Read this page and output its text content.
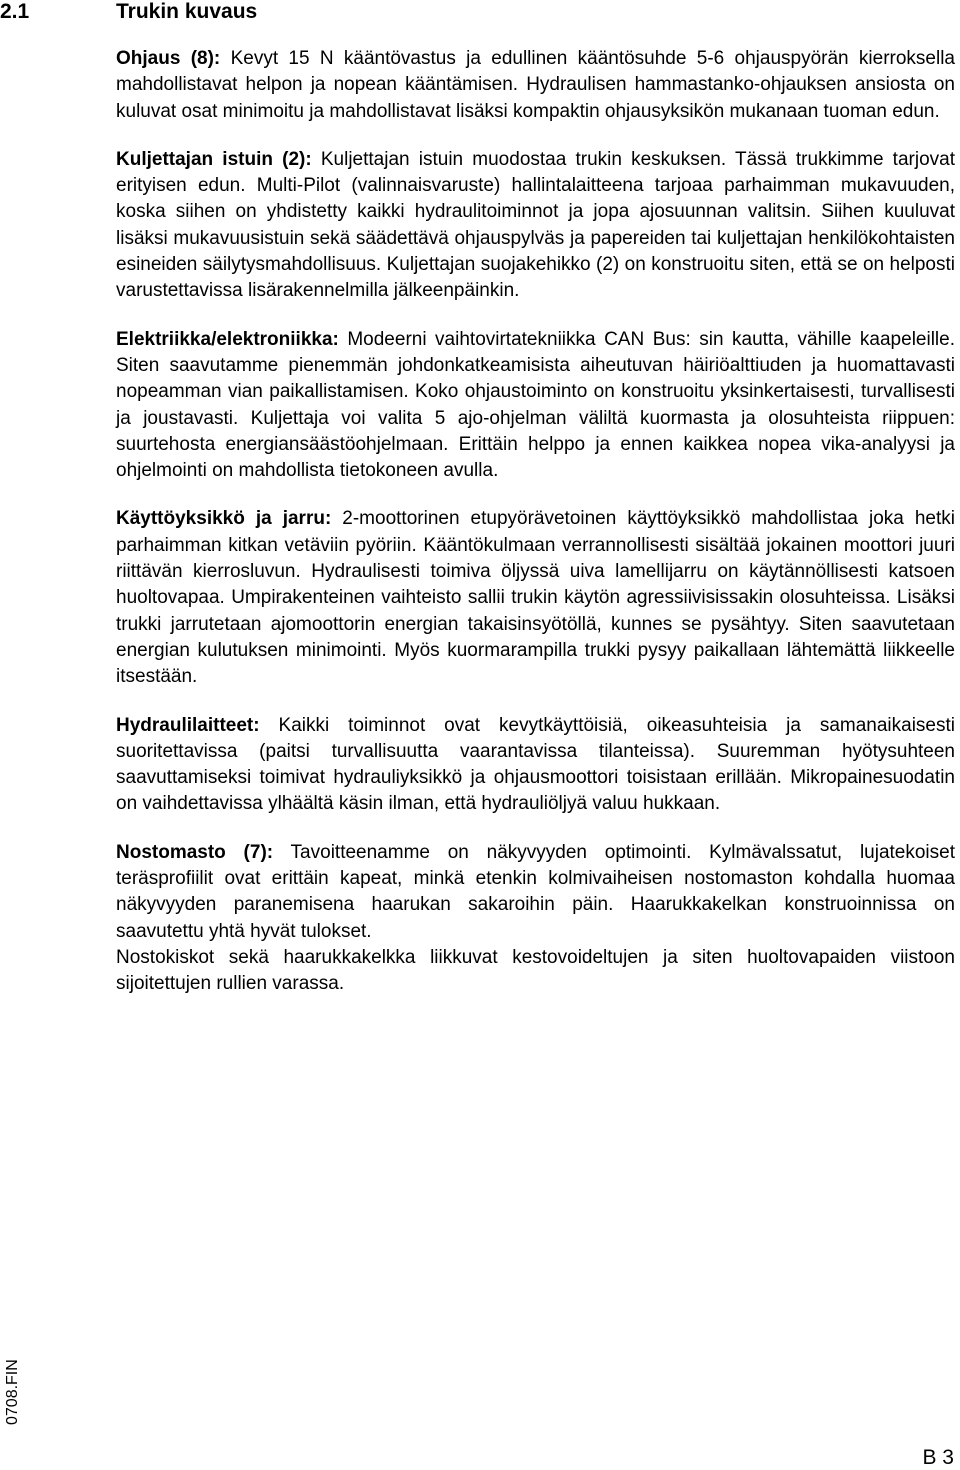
2.1	Trukin kuvaus

Ohjaus (8): Kevyt 15 N kääntövastus ja edullinen kääntösuhde 5-6 ohjauspyörän kierroksella mahdollistavat helpon ja nopean kääntämisen. Hydraulisen hammastanko-ohjauksen ansiosta on kuluvat osat minimoitu ja mahdollistavat lisäksi kompaktin ohjausyksikön mukanaan tuoman edun.

Kuljettajan istuin (2): Kuljettajan istuin muodostaa trukin keskuksen. Tässä trukkimme tarjovat erityisen edun. Multi-Pilot (valinnaisvaruste) hallintalaitteena tarjoaa parhaimman mukavuuden, koska siihen on yhdistetty kaikki hydraulitoiminnot ja jopa ajosuunnan valitsin. Siihen kuuluvat lisäksi mukavuusistuin sekä säädettävä ohjauspylväs ja papereiden tai kuljettajan henkilökohtaisten esineiden säilytysmahdollisuus. Kuljettajan suojakehikko (2) on konstruoitu siten, että se on helposti varustettavissa lisärakennelmilla jälkeenpäinkin.

Elektriikka/elektroniikka: Modeerni vaihtovirtatekniikka CAN Bus: sin kautta, vähille kaapeleille. Siten saavutamme pienemmän johdonkatkeamisista aiheutuvan häiriöalttiuden ja huomattavasti nopeamman vian paikallistamisen. Koko ohjaustoiminto on konstruoitu yksinkertaisesti, turvallisesti ja joustavasti. Kuljettaja voi valita 5 ajo-ohjelman väliltä kuormasta ja olosuhteista riippuen: suurtehosta energiansäästöohjelmaan. Erittäin helppo ja ennen kaikkea nopea vika-analyysi ja ohjelmointi on mahdollista tietokoneen avulla.

Käyttöyksikkö ja jarru: 2-moottorinen etupyörävetoinen käyttöyksikkö mahdollistaa joka hetki parhaimman kitkan vetäviin pyöriin. Kääntökulmaan verrannollisesti sisältää jokainen moottori juuri riittävän kierrosluvun. Hydraulisesti toimiva öljyssä uiva lamellijarru on käytännöllisesti katsoen huoltovapaa. Umpirakenteinen vaihteisto sallii trukin käytön agressiivisissakin olosuhteissa. Lisäksi trukki jarrutetaan ajomoottorin energian takaisinsyötöllä, kunnes se pysähtyy. Siten saavutetaan energian kulutuksen minimointi. Myös kuormarampilla trukki pysyy paikallaan lähtemättä liikkeelle itsestään.

Hydraulilaitteet: Kaikki toiminnot ovat kevytkäyttöisiä, oikeasuhteisia ja samanaikaisesti suoritettavissa (paitsi turvallisuutta vaarantavissa tilanteissa). Suuremman hyötysuhteen saavuttamiseksi toimivat hydrauliyksikkö ja ohjausmoottori toisistaan erillään. Mikropainesuodatin on vaihdettavissa ylhäältä käsin ilman, että hydrauliöljyä valuu hukkaan.

Nostomasto (7): Tavoitteenamme on näkyvyyden optimointi. Kylmävalssatut, lujatekoiset teräsprofiilit ovat erittäin kapeat, minkä etenkin kolmivaiheisen nostomaston kohdalla huomaa näkyvyyden paranemisena haarukan sakaroihin päin. Haarukkakelkan konstruoinnissa on saavutettu yhtä hyvät tulokset.

Nostokiskot sekä haarukkakelkka liikkuvat kestovoideltujen ja siten huoltovapaiden viistoon sijoitettujen rullien varassa.

0708.FIN
B 3
